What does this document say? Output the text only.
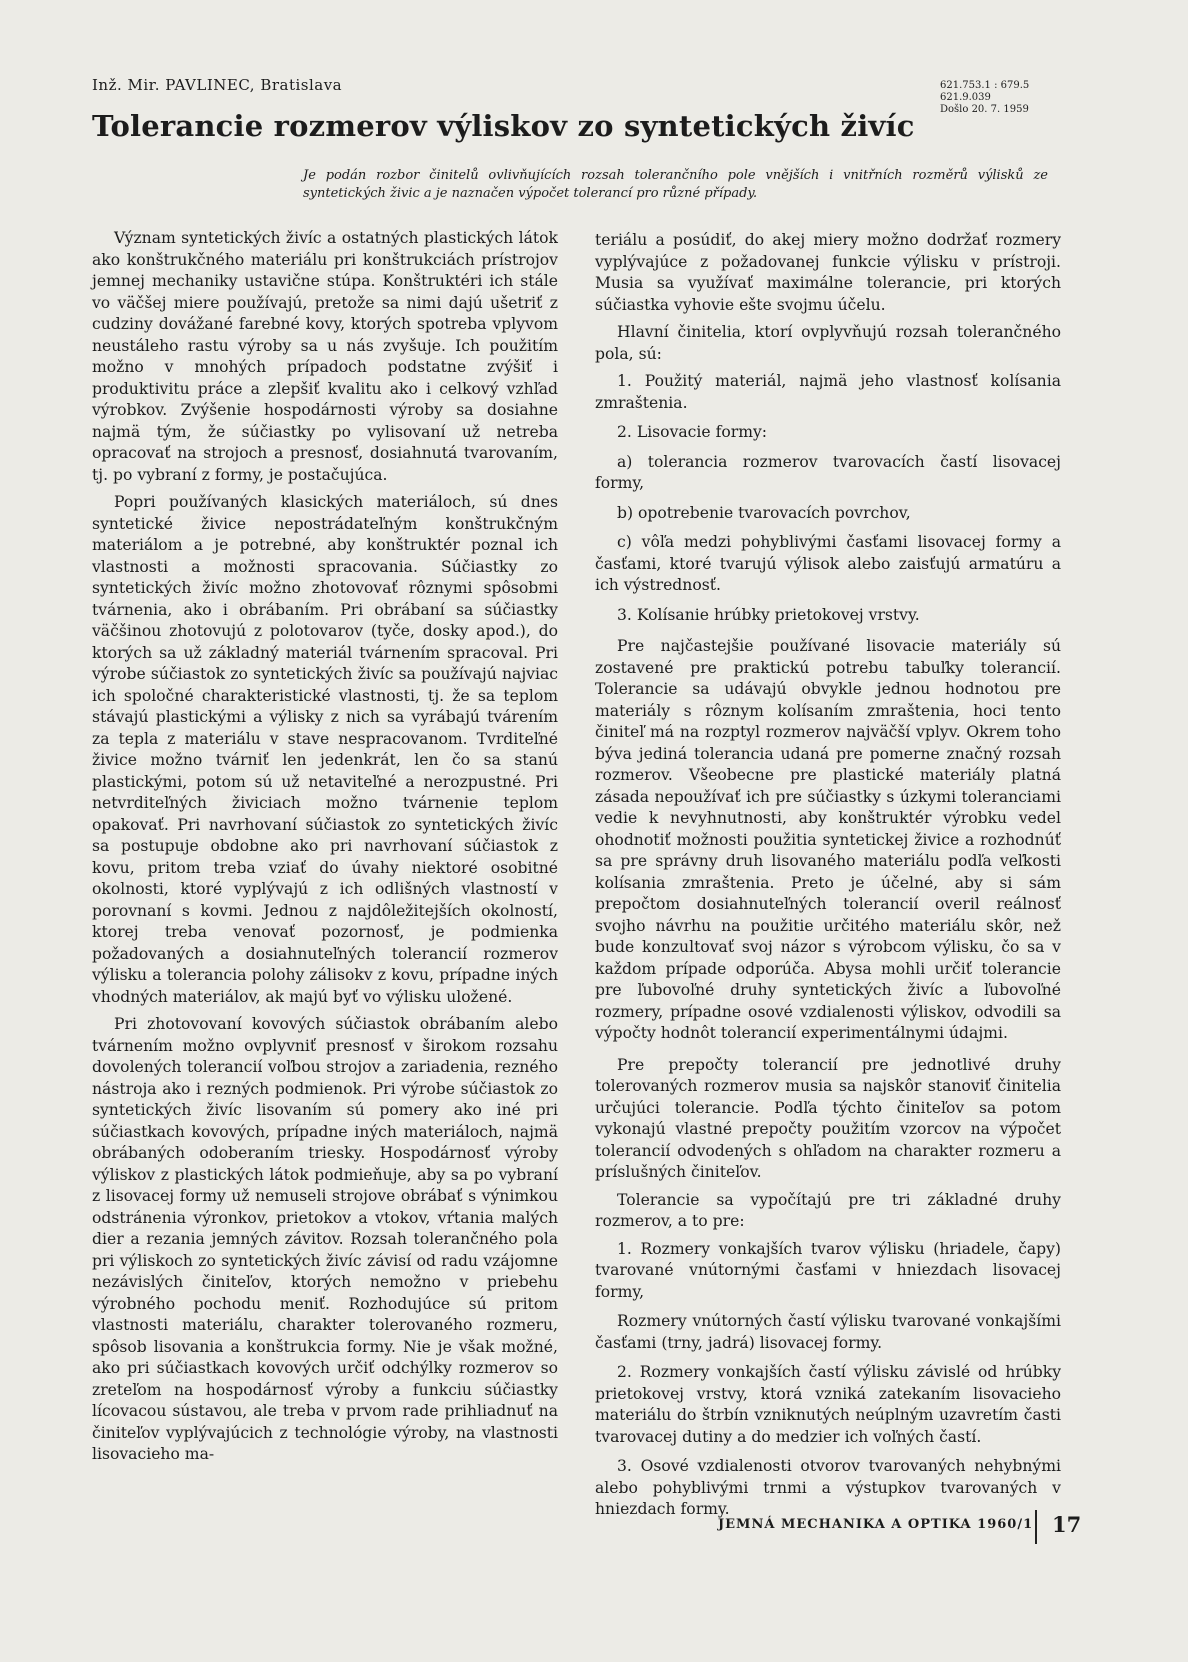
Inž. Mir. PAVLINEC, Bratislava	621.753.1 : 679.5
621.9.039
Došlo 20. 7. 1959
Tolerancie rozmerov výliskov zo syntetických živíc
Je podán rozbor činitelů ovlivňujících rozsah tolerančního pole vnějších i vnitřních rozměrů výlisků ze syntetických živic a je naznačen výpočet tolerancí pro různé případy.

Význam syntetických živíc a ostatných plastických látok ako konštrukčného materiálu pri konštrukciách prístrojov jemnej mechaniky ustavične stúpa. Konštruktéri ich stále vo väčšej miere používajú, pretože sa nimi dajú ušetriť z cudziny dovážané farebné kovy, ktorých spotreba vplyvom neustáleho rastu výroby sa u nás zvyšuje. Ich použitím možno v mnohých prípadoch podstatne zvýšiť i produktivitu práce a zlepšiť kvalitu ako i celkový vzhľad výrobkov. Zvýšenie hospodárnosti výroby sa dosiahne najmä tým, že súčiastky po vylisovaní už netreba opracovať na strojoch a presnosť, dosiahnutá tvarovaním, tj. po vybraní z formy, je postačujúca.

Popri používaných klasických materiáloch, sú dnes syntetické živice nepostrádateľným konštrukčným materiálom a je potrebné, aby konštruktér poznal ich vlastnosti a možnosti spracovania. Súčiastky zo syntetických živíc možno zhotovovať rôznymi spôsobmi tvárnenia, ako i obrábaním. Pri obrábaní sa súčiastky väčšinou zhotovujú z polotovarov (tyče, dosky apod.), do ktorých sa už základný materiál tvárnením spracoval. Pri výrobe súčiastok zo syntetických živíc sa používajú najviac ich spoločné charakteristické vlastnosti, tj. že sa teplom stávajú plastickými a výlisky z nich sa vyrábajú tvárením za tepla z materiálu v stave nespracovanom. Tvrditeľné živice možno tvárniť len jedenkrát, len čo sa stanú plastickými, potom sú už netaviteľné a nerozpustné. Pri netvrditeľných živiciach možno tvárnenie teplom opakovať. Pri navrhovaní súčiastok zo syntetických živíc sa postupuje obdobne ako pri navrhovaní súčiastok z kovu, pritom treba vziať do úvahy niektoré osobitné okolnosti, ktoré vyplývajú z ich odlišných vlastností v porovnaní s kovmi. Jednou z najdôležitejších okolností, ktorej treba venovať pozornosť, je podmienka požadovaných a dosiahnuteľných tolerancií rozmerov výlisku a tolerancia polohy zálisokv z kovu, prípadne iných vhodných materiálov, ak majú byť vo výlisku uložené.

Pri zhotovovaní kovových súčiastok obrábaním alebo tvárnením možno ovplyvniť presnosť v širokom rozsahu dovolených tolerancií voľbou strojov a zariadenia, rezného nástroja ako i rezných podmienok. Pri výrobe súčiastok zo syntetických živíc lisovaním sú pomery ako iné pri súčiastkach kovových, prípadne iných materiáloch, najmä obrábaných odoberaním triesky. Hospodárnosť výroby výliskov z plastických látok podmieňuje, aby sa po vybraní z lisovacej formy už nemuseli strojove obrábať s výnimkou odstránenia výronkov, prietokov a vtokov, vŕtania malých dier a rezania jemných závitov. Rozsah tolerančného pola pri výliskoch zo syntetických živíc závisí od radu vzájomne nezávislých činiteľov, ktorých nemožno v priebehu výrobného pochodu meniť. Rozhodujúce sú pritom vlastnosti materiálu, charakter tolerovaného rozmeru, spôsob lisovania a konštrukcia formy. Nie je však možné, ako pri súčiastkach kovových určiť odchýlky rozmerov so zreteľom na hospodárnosť výroby a funkciu súčiastky lícovacou sústavou, ale treba v prvom rade prihliadnuť na činiteľov vyplývajúcich z technológie výroby, na vlastnosti lisovacieho ma-

teriálu a posúdiť, do akej miery možno dodržať rozmery vyplývajúce z požadovanej funkcie výlisku v prístroji. Musia sa využívať maximálne tolerancie, pri ktorých súčiastka vyhovie ešte svojmu účelu.

Hlavní činitelia, ktorí ovplyvňujú rozsah tolerančného pola, sú:

1. Použitý materiál, najmä jeho vlastnosť kolísania zmraštenia.

2. Lisovacie formy:

a) tolerancia rozmerov tvarovacích častí lisovacej formy,

b) opotrebenie tvarovacích povrchov,

c) vôľa medzi pohyblivými časťami lisovacej formy a časťami, ktoré tvarujú výlisok alebo zaisťujú armatúru a ich výstrednosť.

3. Kolísanie hrúbky prietokovej vrstvy.

Pre najčastejšie používané lisovacie materiály sú zostavené pre praktickú potrebu tabuľky tolerancií. Tolerancie sa udávajú obvykle jednou hodnotou pre materiály s rôznym kolísaním zmraštenia, hoci tento činiteľ má na rozptyl rozmerov najväčší vplyv. Okrem toho býva jediná tolerancia udaná pre pomerne značný rozsah rozmerov. Všeobecne pre plastické materiály platná zásada nepoužívať ich pre súčiastky s úzkymi toleranciami vedie k nevyhnutnosti, aby konštruktér výrobku vedel ohodnotiť možnosti použitia syntetickej živice a rozhodnúť sa pre správny druh lisovaného materiálu podľa veľkosti kolísania zmraštenia. Preto je účelné, aby si sám prepočtom dosiahnuteľných tolerancií overil reálnosť svojho návrhu na použitie určitého materiálu skôr, než bude konzultovať svoj názor s výrobcom výlisku, čo sa v každom prípade odporúča. Abysa mohli určiť tolerancie pre ľubovoľné druhy syntetických živíc a ľubovoľné rozmery, prípadne osové vzdialenosti výliskov, odvodili sa výpočty hodnôt tolerancií experimentálnymi údajmi.

Pre prepočty tolerancií pre jednotlivé druhy tolerovaných rozmerov musia sa najskôr stanoviť činitelia určujúci tolerancie. Podľa týchto činiteľov sa potom vykonajú vlastné prepočty použitím vzorcov na výpočet tolerancií odvodených s ohľadom na charakter rozmeru a príslušných činiteľov.

Tolerancie sa vypočítajú pre tri základné druhy rozmerov, a to pre:

1. Rozmery vonkajších tvarov výlisku (hriadele, čapy) tvarované vnútornými časťami v hniezdach lisovacej formy,

Rozmery vnútorných častí výlisku tvarované vonkajšími časťami (trny, jadrá) lisovacej formy.

2. Rozmery vonkajších častí výlisku závislé od hrúbky prietokovej vrstvy, ktorá vzniká zatekaním lisovacieho materiálu do štrbín vzniknutých neúplným uzavretím časti tvarovacej dutiny a do medzier ich voľných častí.

3. Osové vzdialenosti otvorov tvarovaných nehybnými alebo pohyblivými trnmi a výstupkov tvarovaných v hniezdach formy.

JEMNÁ MECHANIKA A OPTIKA 1960/1 17
